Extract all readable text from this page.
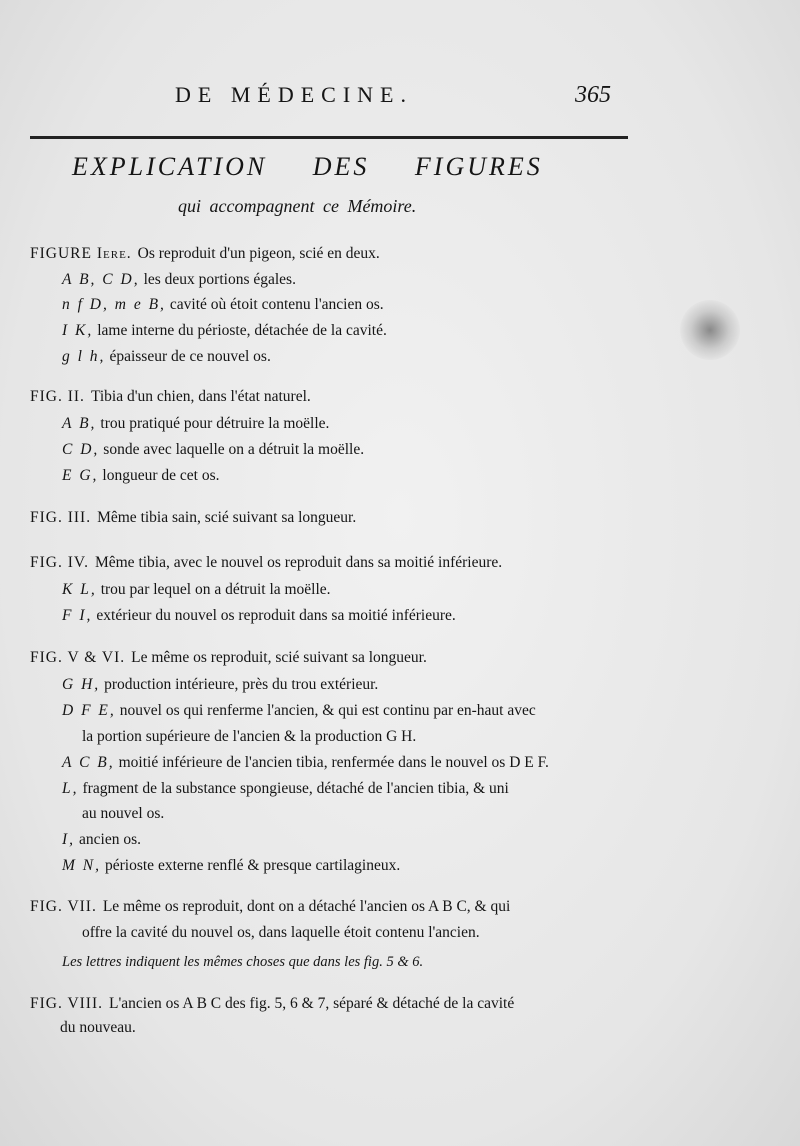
DE MÉDECINE.	365
EXPLICATION DES FIGURES
qui accompagnent ce Mémoire.
FIGURE Iere. Os reproduit d'un pigeon, scié en deux.
A B, C D, les deux portions égales.
n f D, m e B, cavité où étoit contenu l'ancien os.
I K, lame interne du périoste, détachée de la cavité.
g l h, épaisseur de ce nouvel os.
FIG. II. Tibia d'un chien, dans l'état naturel.
A B, trou pratiqué pour détruire la moëlle.
C D, sonde avec laquelle on a détruit la moëlle.
E G, longueur de cet os.
FIG. III. Même tibia sain, scié suivant sa longueur.
FIG. IV. Même tibia, avec le nouvel os reproduit dans sa moitié inférieure.
K L, trou par lequel on a détruit la moëlle.
F I, extérieur du nouvel os reproduit dans sa moitié inférieure.
FIG. V & VI. Le même os reproduit, scié suivant sa longueur.
G H, production intérieure, près du trou extérieur.
D F E, nouvel os qui renferme l'ancien, & qui est continu par en-haut avec
la portion supérieure de l'ancien & la production G H.
A C B, moitié inférieure de l'ancien tibia, renfermée dans le nouvel os D E F.
L, fragment de la substance spongieuse, détaché de l'ancien tibia, & uni
au nouvel os.
I, ancien os.
M N, périoste externe renflé & presque cartilagineux.
FIG. VII. Le même os reproduit, dont on a détaché l'ancien os A B C, & qui
offre la cavité du nouvel os, dans laquelle étoit contenu l'ancien.
Les lettres indiquent les mêmes choses que dans les fig. 5 & 6.
FIG. VIII. L'ancien os A B C des fig. 5, 6 & 7, séparé & détaché de la cavité
du nouveau.
